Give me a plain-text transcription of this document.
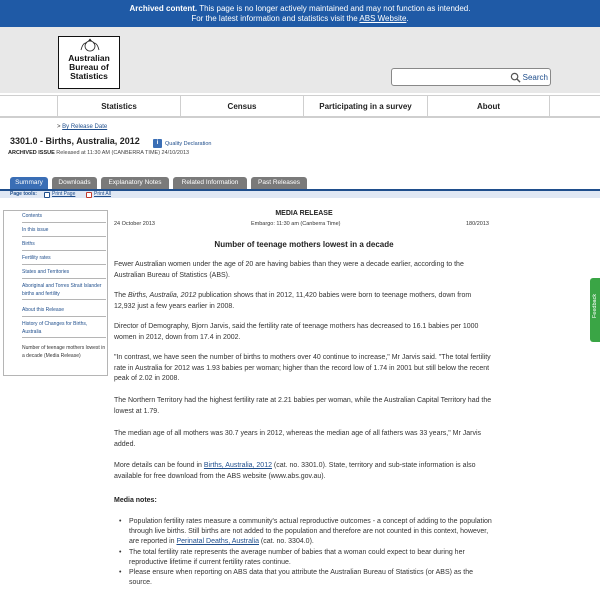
Archived content. This page is no longer actively maintained and may not function as intended.
For the latest information and statistics visit the ABS Website.
Australian
Bureau of
Statistics	Search
Statistics	Census	Participating in a survey	About
> By Release Date
3301.0 - Births, Australia, 2012	i	Quality Declaration
ARCHIVED ISSUE Released at 11:30 AM (CANBERRA TIME) 24/10/2013
Summary	Downloads	Explanatory Notes	Related Information	Past Releases
Page tools:	Print Page	Print All
Contents
In this issue
Births
Fertility rates
States and Territories
Aboriginal and Torres Strait Islander births and fertility
About this Release
History of Changes for Births, Australia
Number of teenage mothers lowest in a decade (Media Release)
MEDIA RELEASE
24 October 2013	Embargo: 11:30 am (Canberra Time)	180/2013
Number of teenage mothers lowest in a decade
Fewer Australian women under the age of 20 are having babies than they were a decade earlier, according to the Australian Bureau of Statistics (ABS).
The Births, Australia, 2012 publication shows that in 2012, 11,420 babies were born to teenage mothers, down from 12,932 just a few years earlier in 2008.
Director of Demography, Bjorn Jarvis, said the fertility rate of teenage mothers has decreased to 16.1 babies per 1000 women in 2012, down from 17.4 in 2002.
"In contrast, we have seen the number of births to mothers over 40 continue to increase," Mr Jarvis said. "The total fertility rate in Australia for 2012 was 1.93 babies per woman; higher than the record low of 1.74 in 2001 but still below the recent peak of 2.02 in 2008.
The Northern Territory had the highest fertility rate at 2.21 babies per woman, while the Australian Capital Territory had the lowest at 1.79.
The median age of all mothers was 30.7 years in 2012, whereas the median age of all fathers was 33 years," Mr Jarvis added.
More details can be found in Births, Australia, 2012 (cat. no. 3301.0). State, territory and sub-state information is also available for free download from the ABS website (www.abs.gov.au).
Media notes:
• Population fertility rates measure a community's actual reproductive outcomes - a concept of adding to the population through live births. Still births are not added to the population and therefore are not counted in this context, however, are reported in Perinatal Deaths, Australia (cat. no. 3304.0).
• The total fertility rate represents the average number of babies that a woman could expect to bear during her reproductive lifetime if current fertility rates continue.
• Please ensure when reporting on ABS data that you attribute the Australian Bureau of Statistics (or ABS) as the source.
Feedback
